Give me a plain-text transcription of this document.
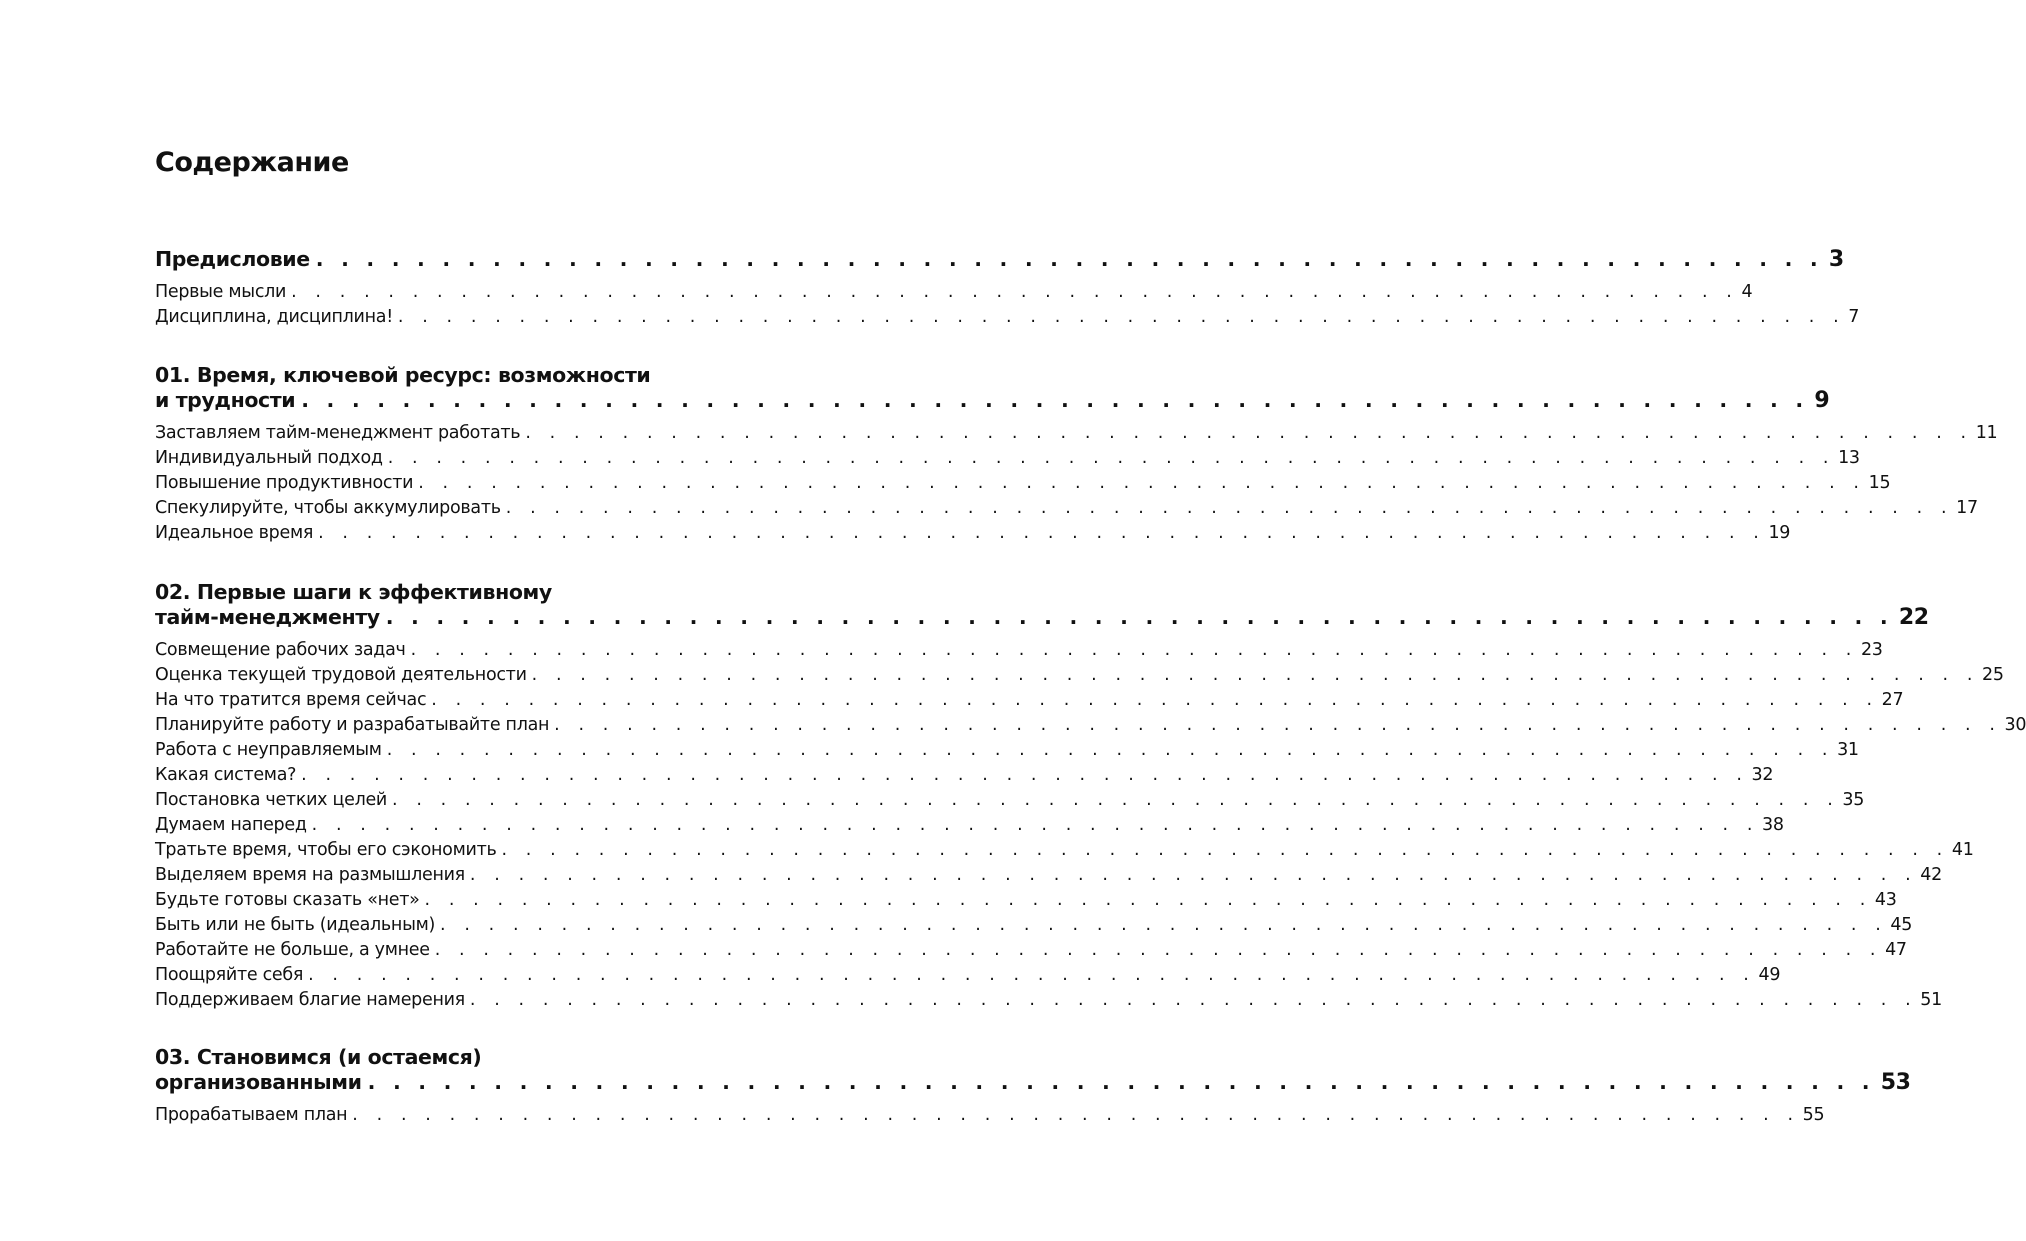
Содержание
Предисловие . . . . . . . . . . . . . . . . . . . . . . . . . . . . . . . . . . . . . . . . . . . . . . . . . . . . . . . . . . . . 3
Первые мысли . . . . . . . . . . . . . . . . . . . . . . . . . . . . . . . . . . . . . . . . . . . . . . . . . . . . . . . . . . . . 4
Дисциплина, дисциплина! . . . . . . . . . . . . . . . . . . . . . . . . . . . . . . . . . . . . . . . . . . . . . . . . . . . . . . . . . . . . 7
01. Время, ключевой ресурс: возможности
и трудности . . . . . . . . . . . . . . . . . . . . . . . . . . . . . . . . . . . . . . . . . . . . . . . . . . . . . . . . . . . . 9
Заставляем тайм-менеджмент работать . . . . . . . . . . . . . . . . . . . . . . . . . . . . . . . . . . . . . . . . . . . . . . . . . . . . . . . . . . . . 11
Индивидуальный подход . . . . . . . . . . . . . . . . . . . . . . . . . . . . . . . . . . . . . . . . . . . . . . . . . . . . . . . . . . . . 13
Повышение продуктивности . . . . . . . . . . . . . . . . . . . . . . . . . . . . . . . . . . . . . . . . . . . . . . . . . . . . . . . . . . . . 15
Спекулируйте, чтобы аккумулировать . . . . . . . . . . . . . . . . . . . . . . . . . . . . . . . . . . . . . . . . . . . . . . . . . . . . . . . . . . . . 17
Идеальное время . . . . . . . . . . . . . . . . . . . . . . . . . . . . . . . . . . . . . . . . . . . . . . . . . . . . . . . . . . . . 19
02. Первые шаги к эффективному
тайм-менеджменту . . . . . . . . . . . . . . . . . . . . . . . . . . . . . . . . . . . . . . . . . . . . . . . . . . . . . . . . . . . . 22
Совмещение рабочих задач . . . . . . . . . . . . . . . . . . . . . . . . . . . . . . . . . . . . . . . . . . . . . . . . . . . . . . . . . . . . 23
Оценка текущей трудовой деятельности . . . . . . . . . . . . . . . . . . . . . . . . . . . . . . . . . . . . . . . . . . . . . . . . . . . . . . . . . . . . 25
На что тратится время сейчас . . . . . . . . . . . . . . . . . . . . . . . . . . . . . . . . . . . . . . . . . . . . . . . . . . . . . . . . . . . . 27
Планируйте работу и разрабатывайте план . . . . . . . . . . . . . . . . . . . . . . . . . . . . . . . . . . . . . . . . . . . . . . . . . . . . . . . . . . . . 30
Работа с неуправляемым . . . . . . . . . . . . . . . . . . . . . . . . . . . . . . . . . . . . . . . . . . . . . . . . . . . . . . . . . . . . 31
Какая система? . . . . . . . . . . . . . . . . . . . . . . . . . . . . . . . . . . . . . . . . . . . . . . . . . . . . . . . . . . . . 32
Постановка четких целей . . . . . . . . . . . . . . . . . . . . . . . . . . . . . . . . . . . . . . . . . . . . . . . . . . . . . . . . . . . . 35
Думаем наперед . . . . . . . . . . . . . . . . . . . . . . . . . . . . . . . . . . . . . . . . . . . . . . . . . . . . . . . . . . . . 38
Тратьте время, чтобы его сэкономить . . . . . . . . . . . . . . . . . . . . . . . . . . . . . . . . . . . . . . . . . . . . . . . . . . . . . . . . . . . . 41
Выделяем время на размышления . . . . . . . . . . . . . . . . . . . . . . . . . . . . . . . . . . . . . . . . . . . . . . . . . . . . . . . . . . . . 42
Будьте готовы сказать «нет» . . . . . . . . . . . . . . . . . . . . . . . . . . . . . . . . . . . . . . . . . . . . . . . . . . . . . . . . . . . . 43
Быть или не быть (идеальным) . . . . . . . . . . . . . . . . . . . . . . . . . . . . . . . . . . . . . . . . . . . . . . . . . . . . . . . . . . . . 45
Работайте не больше, а умнее . . . . . . . . . . . . . . . . . . . . . . . . . . . . . . . . . . . . . . . . . . . . . . . . . . . . . . . . . . . . 47
Поощряйте себя . . . . . . . . . . . . . . . . . . . . . . . . . . . . . . . . . . . . . . . . . . . . . . . . . . . . . . . . . . . . 49
Поддерживаем благие намерения . . . . . . . . . . . . . . . . . . . . . . . . . . . . . . . . . . . . . . . . . . . . . . . . . . . . . . . . . . . . 51
03. Становимся (и остаемся)
организованными . . . . . . . . . . . . . . . . . . . . . . . . . . . . . . . . . . . . . . . . . . . . . . . . . . . . . . . . . . . . 53
Прорабатываем план . . . . . . . . . . . . . . . . . . . . . . . . . . . . . . . . . . . . . . . . . . . . . . . . . . . . . . . . . . . . 55
